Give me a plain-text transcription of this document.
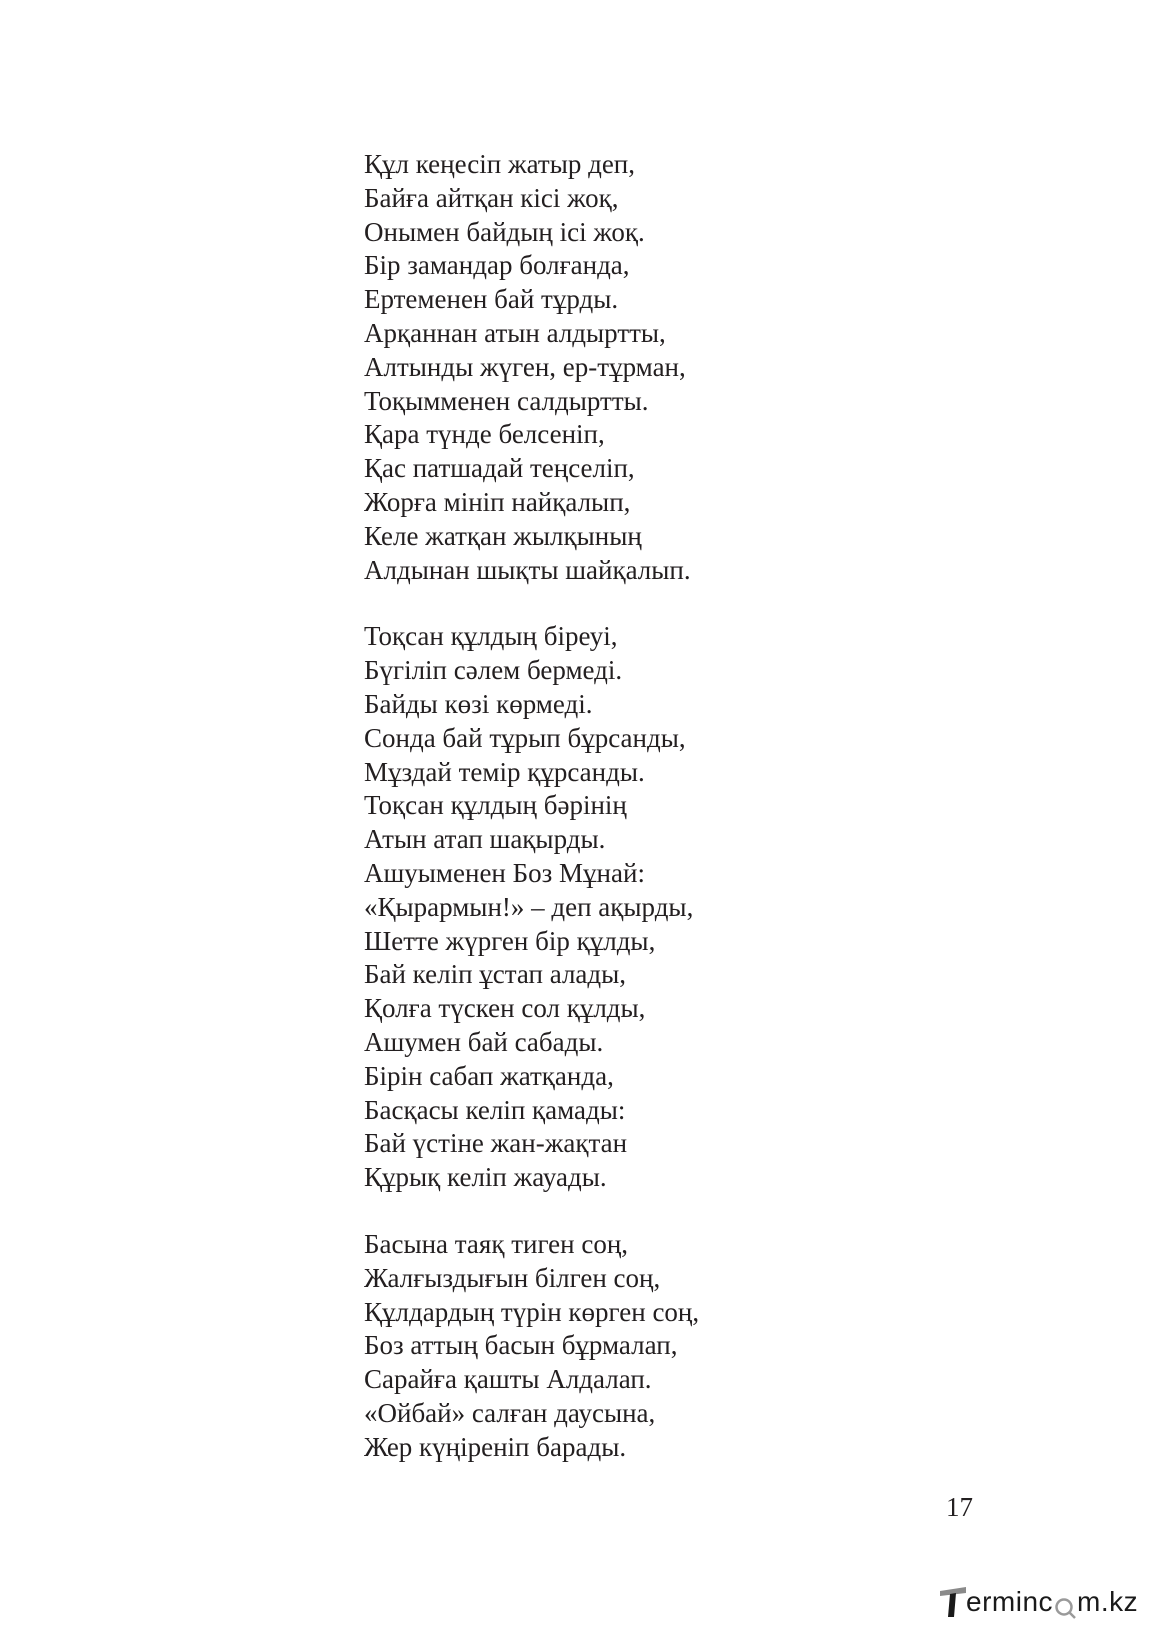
Құл кеңесіп жатыр деп,
Байға айтқан кісі жоқ,
Онымен байдың ісі жоқ.
Бір замандар болғанда,
Ертеменен бай тұрды.
Арқаннан атын алдыртты,
Алтынды жүген, ер-тұрман,
Тоқымменен салдыртты.
Қара түнде белсеніп,
Қас патшадай теңселіп,
Жорға мініп найқалып,
Келе жатқан жылқының
Алдынан шықты шайқалып.
Тоқсан құлдың біреуі,
Бүгіліп сәлем бермеді.
Байды көзі көрмеді.
Сонда бай тұрып бұрсанды,
Мұздай темір құрсанды.
Тоқсан құлдың бәрінің
Атын атап шақырды.
Ашуыменен Боз Мұнай:
«Қырармын!» – деп ақырды,
Шетте жүрген бір құлды,
Бай келіп ұстап алады,
Қолға түскен сол құлды,
Ашумен бай сабады.
Бірін сабап жатқанда,
Басқасы келіп қамады:
Бай үстіне жан-жақтан
Құрық келіп жауады.
Басына таяқ тиген соң,
Жалғыздығын білген соң,
Құлдардың түрін көрген соң,
Боз аттың басын бұрмалап,
Сарайға қашты Алдалап.
«Ойбай» салған даусына,
Жер күңіреніп барады.
17
ermin c m.kz
